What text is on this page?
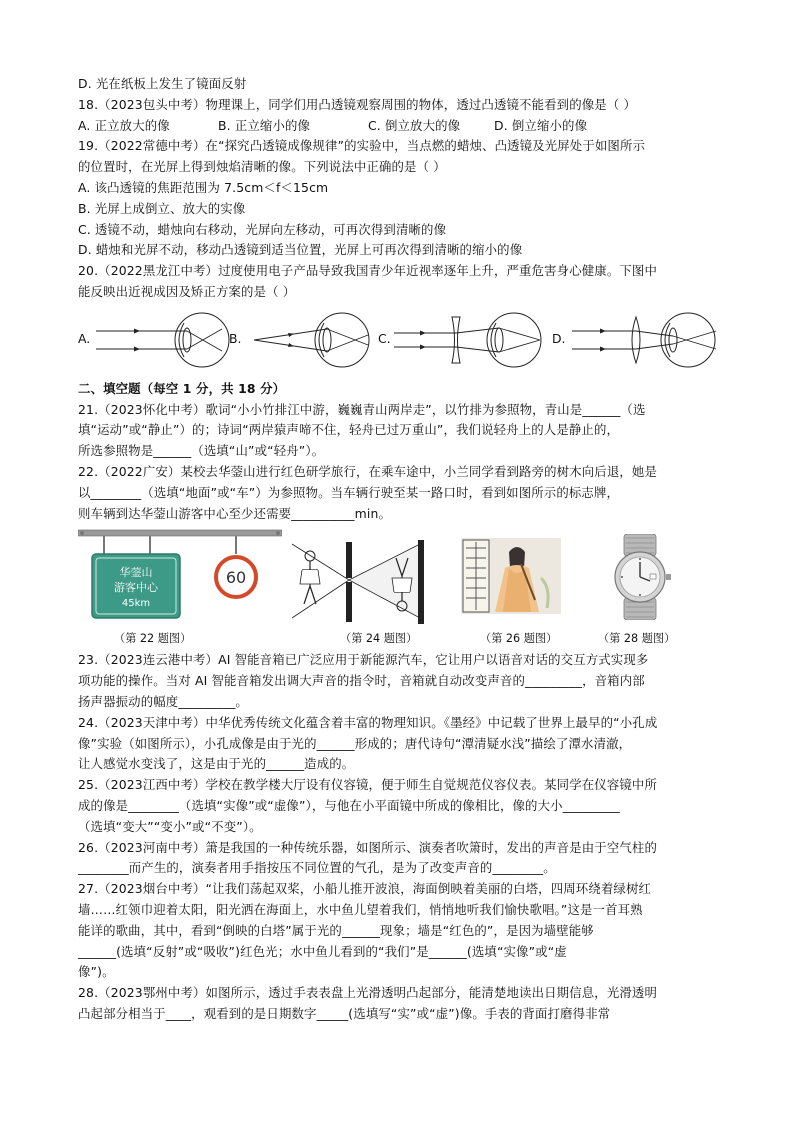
D. 光在纸板上发生了镜面反射
18.（2023包头中考）物理课上，同学们用凸透镜观察周围的物体，透过凸透镜不能看到的像是（ ）
A. 正立放大的像	B. 正立缩小的像	C. 倒立放大的像	D. 倒立缩小的像
19.（2022常德中考）在“探究凸透镜成像规律”的实验中，当点燃的蜡烛、凸透镜及光屏处于如图所示
的位置时，在光屏上得到烛焰清晰的像。下列说法中正确的是（ ）
A. 该凸透镜的焦距范围为 7.5cm＜f＜15cm
B. 光屏上成倒立、放大的实像
C. 透镜不动，蜡烛向右移动，光屏向左移动，可再次得到清晰的像
D. 蜡烛和光屏不动，移动凸透镜到适当位置，光屏上可再次得到清晰的缩小的像
20.（2022黑龙江中考）过度使用电子产品导致我国青少年近视率逐年上升，严重危害身心健康。下图中
能反映出近视成因及矫正方案的是（ ）
A.	B.	C.	D.
二、填空题（每空 1 分，共 18 分）
21.（2023怀化中考）歌词“小小竹排江中游，巍巍青山两岸走”，以竹排为参照物，青山是______（选
填“运动”或“静止”）的；诗词“两岸猿声啼不住，轻舟已过万重山”，我们说轻舟上的人是静止的，
所选参照物是______（选填“山”或“轻舟”）。
22.（2022广安）某校去华蓥山进行红色研学旅行，在乘车途中，小兰同学看到路旁的树木向后退，她是
以________（选填“地面”或“车”）为参照物。当车辆行驶至某一路口时，看到如图所示的标志牌，
则车辆到达华蓥山游客中心至少还需要__________min。
华蓥山
游客中心
45km
60
（第 22 题图）	（第 24 题图）	（第 26 题图）	（第 28 题图）
23.（2023连云港中考）AI 智能音箱已广泛应用于新能源汽车，它让用户以语音对话的交互方式实现多
项功能的操作。当对 AI 智能音箱发出调大声音的指令时，音箱就自动改变声音的_________，音箱内部
扬声器振动的幅度_________。
24.（2023天津中考）中华优秀传统文化蕴含着丰富的物理知识。《墨经》中记载了世界上最早的“小孔成
像”实验（如图所示），小孔成像是由于光的______形成的；唐代诗句“潭清疑水浅”描绘了潭水清澈，
让人感觉水变浅了，这是由于光的______造成的。
25.（2023江西中考）学校在教学楼大厅设有仪容镜，便于师生自觉规范仪容仪表。某同学在仪容镜中所
成的像是________（选填“实像”或“虚像”），与他在小平面镜中所成的像相比，像的大小_________
（选填“变大”“变小”或“不变”）。
26.（2023河南中考）箫是我国的一种传统乐器，如图所示、演奏者吹箫时，发出的声音是由于空气柱的
________而产生的，演奏者用手指按压不同位置的气孔，是为了改变声音的________。
27.（2023烟台中考）“让我们荡起双桨，小船儿推开波浪，海面倒映着美丽的白塔，四周环绕着绿树红
墙……红领巾迎着太阳，阳光洒在海面上，水中鱼儿望着我们，悄悄地听我们愉快歌唱。”这是一首耳熟
能详的歌曲，其中，看到“倒映的白塔”属于光的______现象；墙是“红色的”，是因为墙壁能够
______(选填“反射”或“吸收”)红色光；水中鱼儿看到的“我们”是______(选填“实像”或“虚
像”)。
28.（2023鄂州中考）如图所示，透过手表表盘上光滑透明凸起部分，能清楚地读出日期信息，光滑透明
凸起部分相当于____，观看到的是日期数字_____(选填写“实”或“虚”)像。手表的背面打磨得非常
